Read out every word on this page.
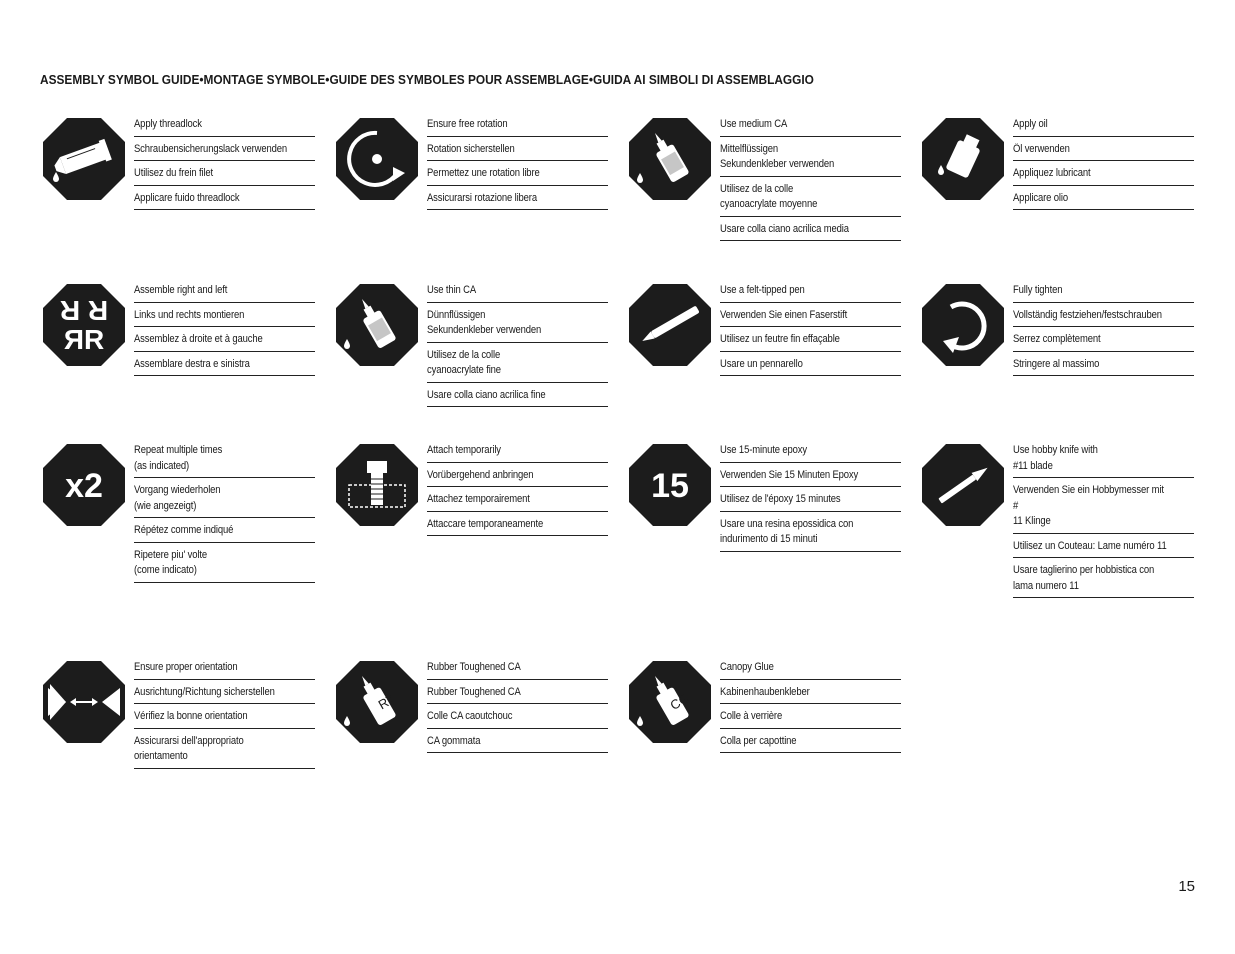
ASSEMBLY SYMBOL GUIDE•MONTAGE SYMBOLE•GUIDE DES SYMBOLES POUR ASSEMBLAGE•GUIDA AI SIMBOLI DI ASSEMBLAGGIO
Apply threadlock
Schraubensicherungslack verwenden
Utilisez du frein filet
Applicare fuido threadlock
Ensure free rotation
Rotation sicherstellen
Permettez une rotation libre
Assicurarsi rotazione libera
Use medium CA
Mittelflüssigen
Sekundenkleber verwenden
Utilisez de la colle
cyanoacrylate moyenne
Usare colla ciano acrilica media
Apply oil
Öl verwenden
Appliquez lubricant
Applicare olio
R R
ЯR
Assemble right and left
Links und rechts montieren
Assemblez à droite et à gauche
Assemblare destra e sinistra
Use thin CA
Dünnflüssigen
Sekundenkleber verwenden
Utilisez de la colle
cyanoacrylate fine
Usare colla ciano acrilica fine
Use a felt-tipped pen
Verwenden Sie einen Faserstift
Utilisez un feutre fin effaçable
Usare un pennarello
Fully tighten
Vollständig festziehen/festschrauben
Serrez complètement
Stringere al massimo
x2
Repeat multiple times
(as indicated)
Vorgang wiederholen
(wie angezeigt)
Répétez comme indiqué
Ripetere piu' volte
(come indicato)
Attach temporarily
Vorübergehend anbringen
Attachez temporairement
Attaccare temporaneamente
15
Use 15-minute epoxy
Verwenden Sie 15 Minuten Epoxy
Utilisez de l'époxy 15 minutes
Usare una resina epossidica con
indurimento di 15 minuti
Use hobby knife with
#11 blade
Verwenden Sie ein Hobbymesser mit #
11 Klinge
Utilisez un Couteau: Lame numéro 11
Usare taglierino per hobbistica con
lama numero 11
Ensure proper orientation
Ausrichtung/Richtung sicherstellen
Vérifiez la bonne orientation
Assicurarsi dell'appropriato
orientamento
RT
Rubber Toughened CA
Rubber Toughened CA
Colle CA caoutchouc
CA gommata
CG
Canopy Glue
Kabinenhaubenkleber
Colle à verrière
Colla per capottine
15
